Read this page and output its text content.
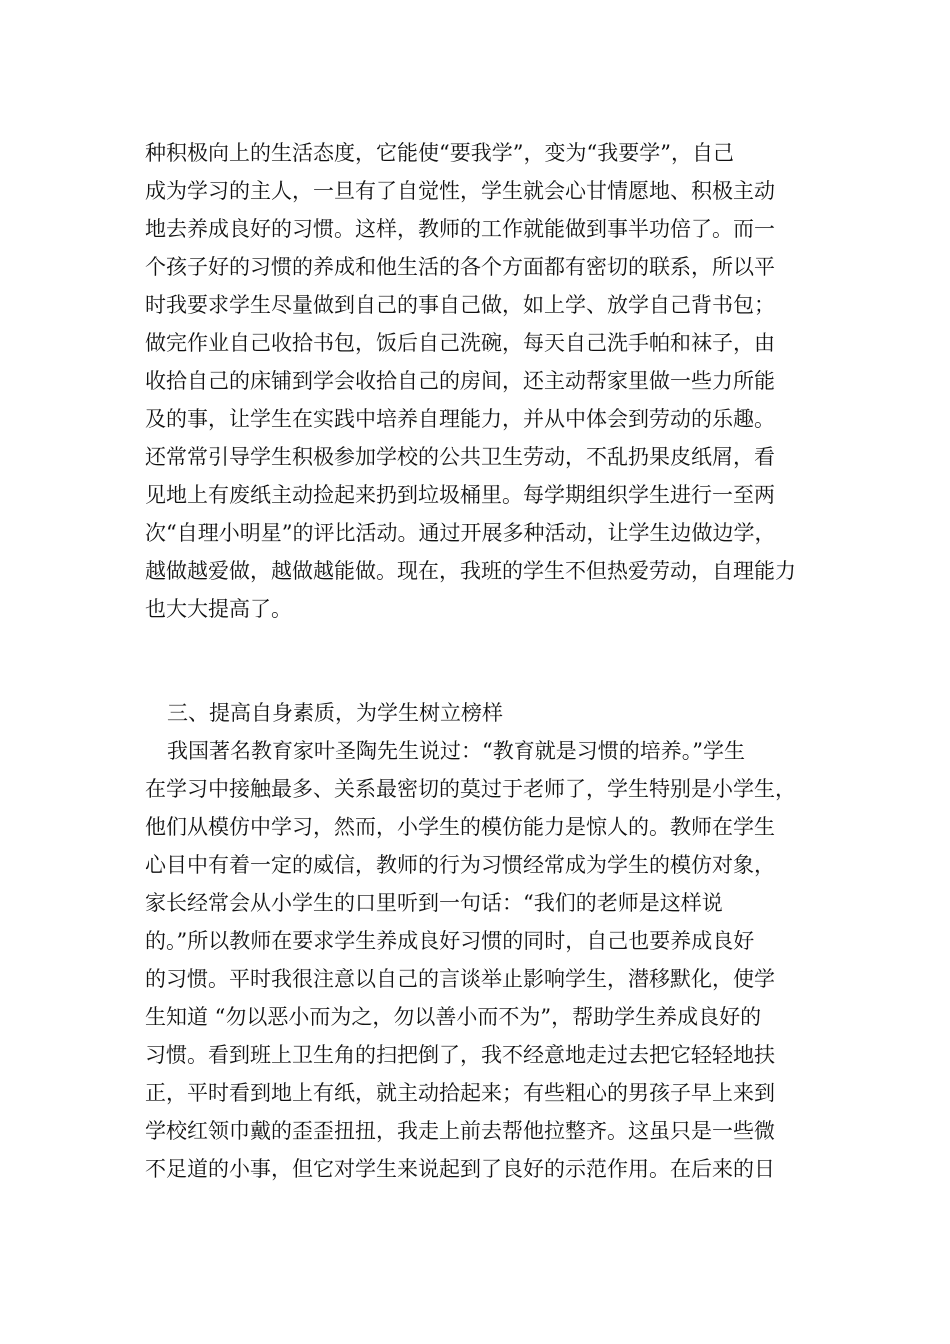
种积极向上的生活态度，它能使“要我学”，变为“我要学”，自己
成为学习的主人，一旦有了自觉性，学生就会心甘情愿地、积极主动
地去养成良好的习惯。这样，教师的工作就能做到事半功倍了。而一
个孩子好的习惯的养成和他生活的各个方面都有密切的联系，所以平
时我要求学生尽量做到自己的事自己做，如上学、放学自己背书包；
做完作业自己收拾书包，饭后自己洗碗，每天自己洗手帕和袜子，由
收拾自己的床铺到学会收拾自己的房间，还主动帮家里做一些力所能
及的事，让学生在实践中培养自理能力，并从中体会到劳动的乐趣。
还常常引导学生积极参加学校的公共卫生劳动，不乱扔果皮纸屑，看
见地上有废纸主动捡起来扔到垃圾桶里。每学期组织学生进行一至两
次“自理小明星”的评比活动。通过开展多种活动，让学生边做边学，
越做越爱做，越做越能做。现在，我班的学生不但热爱劳动，自理能力
也大大提高了。
三、提高自身素质，为学生树立榜样
我国著名教育家叶圣陶先生说过：“教育就是习惯的培养。”学生
在学习中接触最多、关系最密切的莫过于老师了，学生特别是小学生，
他们从模仿中学习，然而，小学生的模仿能力是惊人的。教师在学生
心目中有着一定的威信，教师的行为习惯经常成为学生的模仿对象，
家长经常会从小学生的口里听到一句话：“我们的老师是这样说
的。”所以教师在要求学生养成良好习惯的同时，自己也要养成良好
的习惯。平时我很注意以自己的言谈举止影响学生，潜移默化，使学
生知道 “勿以恶小而为之，勿以善小而不为”，帮助学生养成良好的
习惯。看到班上卫生角的扫把倒了，我不经意地走过去把它轻轻地扶
正，平时看到地上有纸，就主动拾起来；有些粗心的男孩子早上来到
学校红领巾戴的歪歪扭扭，我走上前去帮他拉整齐。这虽只是一些微
不足道的小事，但它对学生来说起到了良好的示范作用。在后来的日
